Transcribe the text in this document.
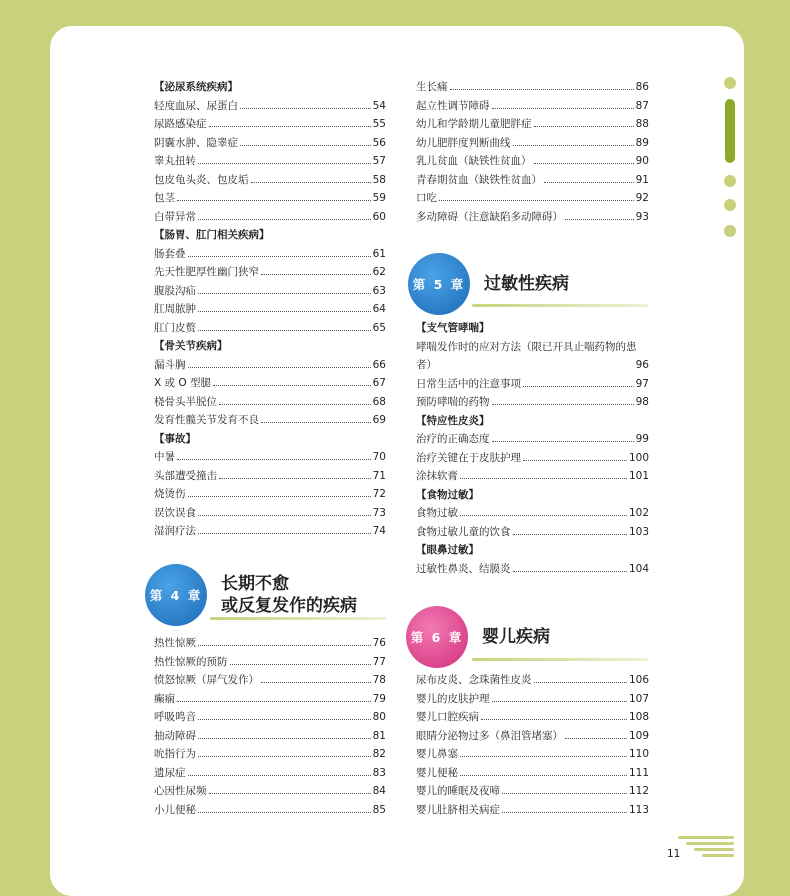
【泌尿系统疾病】
轻度血尿、尿蛋白	54
尿路感染症	55
阴囊水肿、隐睾症	56
睾丸扭转	57
包皮龟头炎、包皮垢	58
包茎	59
白带异常	60
【肠胃、肛门相关疾病】
肠套叠	61
先天性肥厚性幽门狭窄	62
腹股沟疝	63
肛周脓肿	64
肛门皮赘	65
【骨关节疾病】
漏斗胸	66
X 或 O 型腿	67
桡骨头半脱位	68
发育性髋关节发育不良	69
【事故】
中暑	70
头部遭受撞击	71
烧烫伤	72
误饮误食	73
湿润疗法	74
第 4 章
长期不愈
或反复发作的疾病
热性惊厥	76
热性惊厥的预防	77
愤怒惊厥（屏气发作）	78
癫痫	79
呼吸鸣音	80
抽动障碍	81
吮指行为	82
遗尿症	83
心因性尿频	84
小儿便秘	85
生长痛	86
起立性调节障碍	87
幼儿和学龄期儿童肥胖症	88
幼儿肥胖度判断曲线	89
乳儿贫血（缺铁性贫血）	90
青春期贫血（缺铁性贫血）	91
口吃	92
多动障碍（注意缺陷多动障碍）	93
第 5 章 过敏性疾病
【支气管哮喘】
哮喘发作时的应对方法（限已开具止喘药物的患
者）	96
日常生活中的注意事项	97
预防哮喘的药物	98
【特应性皮炎】
治疗的正确态度	99
治疗关键在于皮肤护理	100
涂抹软膏	101
【食物过敏】
食物过敏	102
食物过敏儿童的饮食	103
【眼鼻过敏】
过敏性鼻炎、结膜炎	104
第 6 章 婴儿疾病
尿布皮炎、念珠菌性皮炎	106
婴儿的皮肤护理	107
婴儿口腔疾病	108
眼睛分泌物过多（鼻泪管堵塞）	109
婴儿鼻塞	110
婴儿便秘	111
婴儿的睡眠及夜啼	112
婴儿肚脐相关病症	113
11
